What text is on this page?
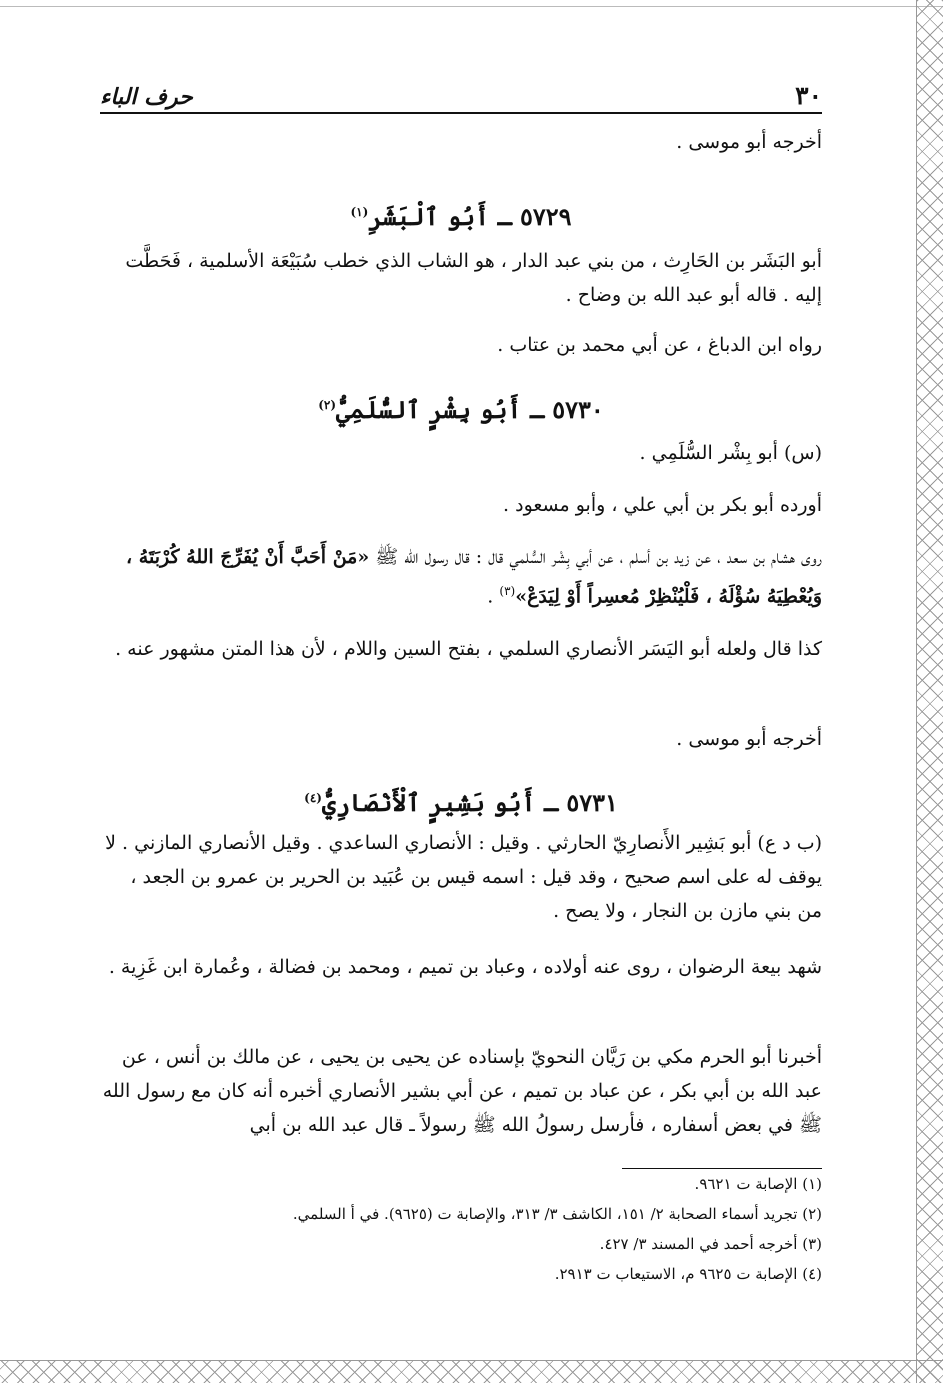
٣٠
حرف الباء
أخرجه أبو موسى .
٥٧٢٩ ـ أَبُو ٱلْبَشَرِ$^{(١)}$
أبو البَشَر بن الحَارِث ، من بني عبد الدار ، هو الشاب الذي خطب سُبَيْعَة الأسلمية ، فَحَطَّت إليه . قاله أبو عبد الله بن وضاح .
رواه ابن الدباغ ، عن أبي محمد بن عتاب .
٥٧٣٠ ـ أَبُو بِشْرٍ ٱلسُّلَمِيُّ$^{(٢)}$
(س) أبو بِشْر السُّلَمِي .
أورده أبو بكر بن أبي علي ، وأبو مسعود .
روى هشام بن سعد ، عن زيد بن أسلم ، عن أبي بِشْر السُّلمي قال : قال رسول الله ﷺ «مَنْ أَحَبَّ أَنْ يُفَرِّجَ اللهُ كُرْبَتَهُ ، وَيُعْطِيَهُ سُؤْلَهُ ، فَلْيُنْظِرْ مُعسِراً أَوْ لِيَدَعْ»$^{(٣)}$ .
كذا قال ولعله أبو اليَسَر الأنصاري السلمي ، بفتح السين واللام ، لأن هذا المتن مشهور عنه .
أخرجه أبو موسى .
٥٧٣١ ـ أَبُو بَشِيرٍ ٱلْأَنْصَارِيُّ$^{(٤)}$
(ب د ع) أبو بَشِير الأَنصارِيّ الحارثي . وقيل : الأنصاري الساعدي . وقيل الأنصاري المازني . لا يوقف له على اسم صحيح ، وقد قيل : اسمه قيس بن عُبَيد بن الحرير بن عمرو بن الجعد ، من بني مازن بن النجار ، ولا يصح .
شهد بيعة الرضوان ، روى عنه أولاده ، وعباد بن تميم ، ومحمد بن فضالة ، وعُمارة ابن غَزِية .
أخبرنا أبو الحرم مكي بن رَيَّان النحويّ بإسناده عن يحيى بن يحيى ، عن مالك بن أنس ، عن عبد الله بن أبي بكر ، عن عباد بن تميم ، عن أبي بشير الأنصاري أخبره أنه كان مع رسول الله ﷺ في بعض أسفاره ، فأرسل رسولُ الله ﷺ رسولاً ـ قال عبد الله بن أبي

(١) الإصابة ت ٩٦٢١.

(٢) تجريد أسماء الصحابة ٢/ ١٥١، الكاشف ٣/ ٣١٣، والإصابة ت (٩٦٢٥). في أ السلمي.

(٣) أخرجه أحمد في المسند ٣/ ٤٢٧.

(٤) الإصابة ت ٩٦٢٥ م، الاستيعاب ت ٢٩١٣.
